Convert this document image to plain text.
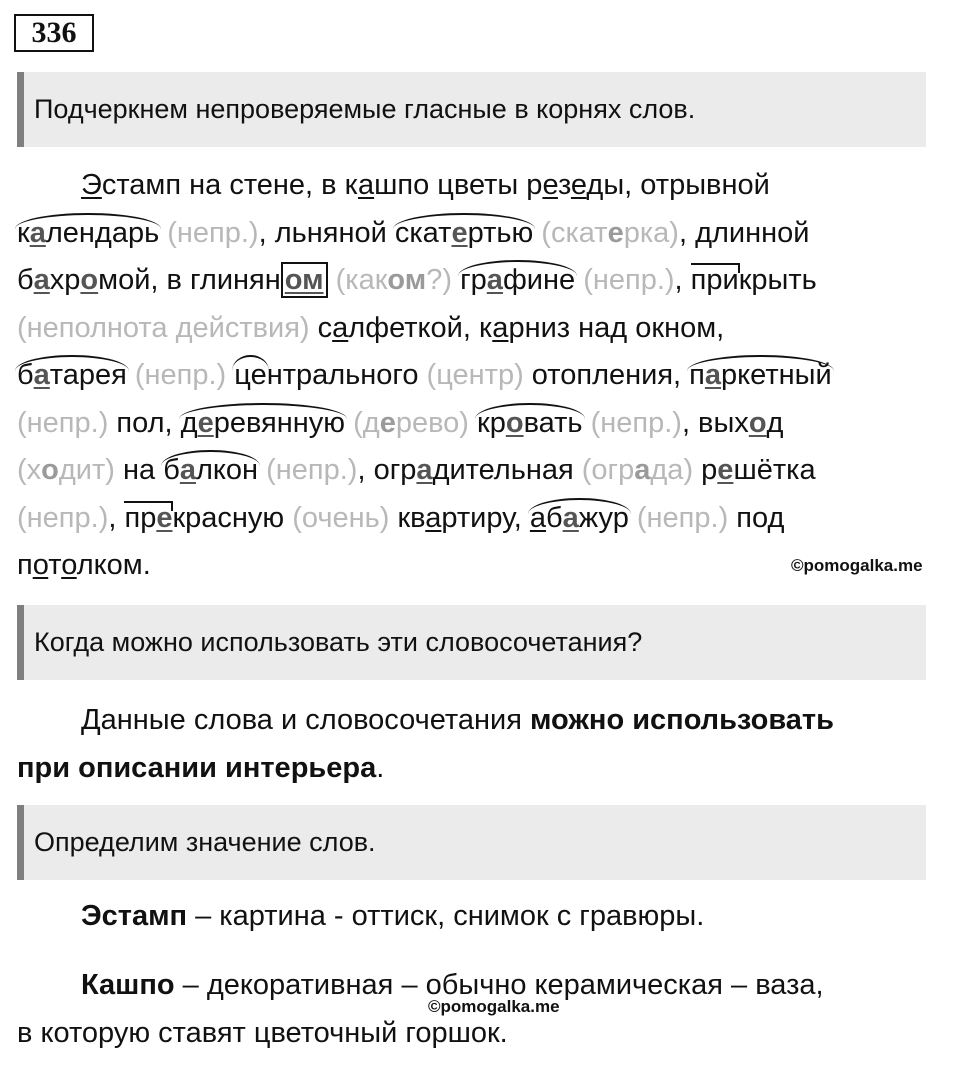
336
Подчеркнем непроверяемые гласные в корнях слов.
Эстамп на стене, в кашпо цветы резеды, отрывной
календарь (непр.), льняной скатертью (скатерка), длинной
бахромой, в глинян ом (каком?) графине (непр.), прикрыть
(неполнота действия) салфеткой, карниз над окном,
батарея (непр.) центрального (центр) отопления, паркетный
(непр.) пол, деревянную (дерево) кровать (непр.), выход
(ходит) на балкон (непр.), оградительная (ограда) решётка
(непр.), прекрасную (очень) квартиру, абажур (непр.) под
потолком.	©pomogalka.me
Когда можно использовать эти словосочетания?
Данные слова и словосочетания можно использовать
при описании интерьера.
Определим значение слов.
Эстамп – картина - оттиск, снимок с гравюры.
Кашпо – декоративная – обычно керамическая – ваза,
в которую ставят цветочный горшок.
©pomogalka.me
